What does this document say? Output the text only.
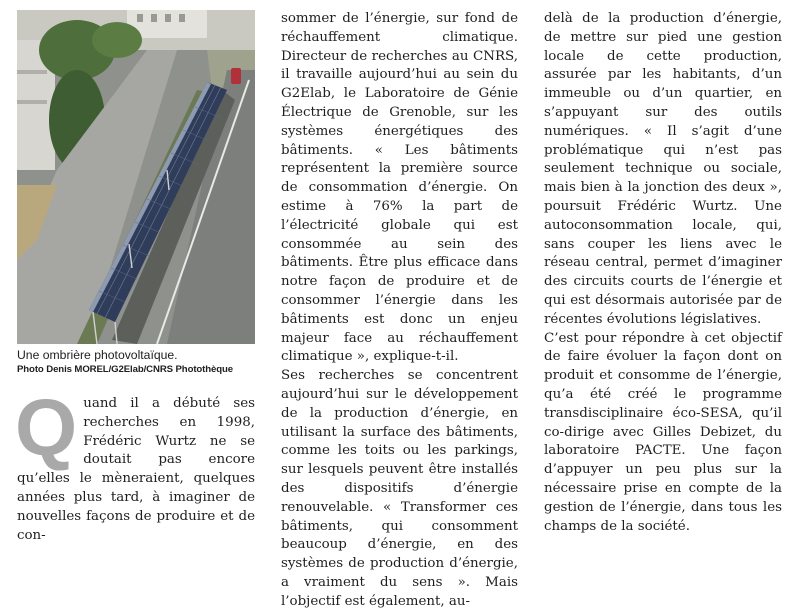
Une ombrière photovoltaïque.
Photo Denis MOREL/G2Elab/CNRS Photothèque

Quand il a débuté ses recherches en 1998, Frédéric Wurtz ne se doutait pas encore qu’elles le mèneraient, quelques années plus tard, à imaginer de nouvelles façons de produire et de con-

sommer de l’énergie, sur fond de réchauffement climatique. Directeur de recherches au CNRS, il travaille aujourd’hui au sein du G2Elab, le Laboratoire de Génie Électrique de Grenoble, sur les systèmes énergétiques des bâtiments. « Les bâtiments représentent la première source de consommation d’énergie. On estime à 76% la part de l’électricité globale qui est consommée au sein des bâtiments. Être plus efficace dans notre façon de produire et de consommer l’énergie dans les bâtiments est donc un enjeu majeur face au réchauffement climatique », explique-t-il.

Ses recherches se concentrent aujourd’hui sur le développement de la production d’énergie, en utilisant la surface des bâtiments, comme les toits ou les parkings, sur lesquels peuvent être installés des dispositifs d’énergie renouvelable. « Transformer ces bâtiments, qui consomment beaucoup d’énergie, en des systèmes de production d’énergie, a vraiment du sens ». Mais l’objectif est également, au-

delà de la production d’énergie, de mettre sur pied une gestion locale de cette production, assurée par les habitants, d’un immeuble ou d’un quartier, en s’appuyant sur des outils numériques. « Il s’agit d’une problématique qui n’est pas seulement technique ou sociale, mais bien à la jonction des deux », poursuit Frédéric Wurtz. Une autoconsommation locale, qui, sans couper les liens avec le réseau central, permet d’imaginer des circuits courts de l’énergie et qui est désormais autorisée par de récentes évolutions législatives.

C’est pour répondre à cet objectif de faire évoluer la façon dont on produit et consomme de l’énergie, qu’a été créé le programme transdisciplinaire éco-SESA, qu’il co-dirige avec Gilles Debizet, du laboratoire PACTE. Une façon d’appuyer un peu plus sur la nécessaire prise en compte de la gestion de l’énergie, dans tous les champs de la société.
